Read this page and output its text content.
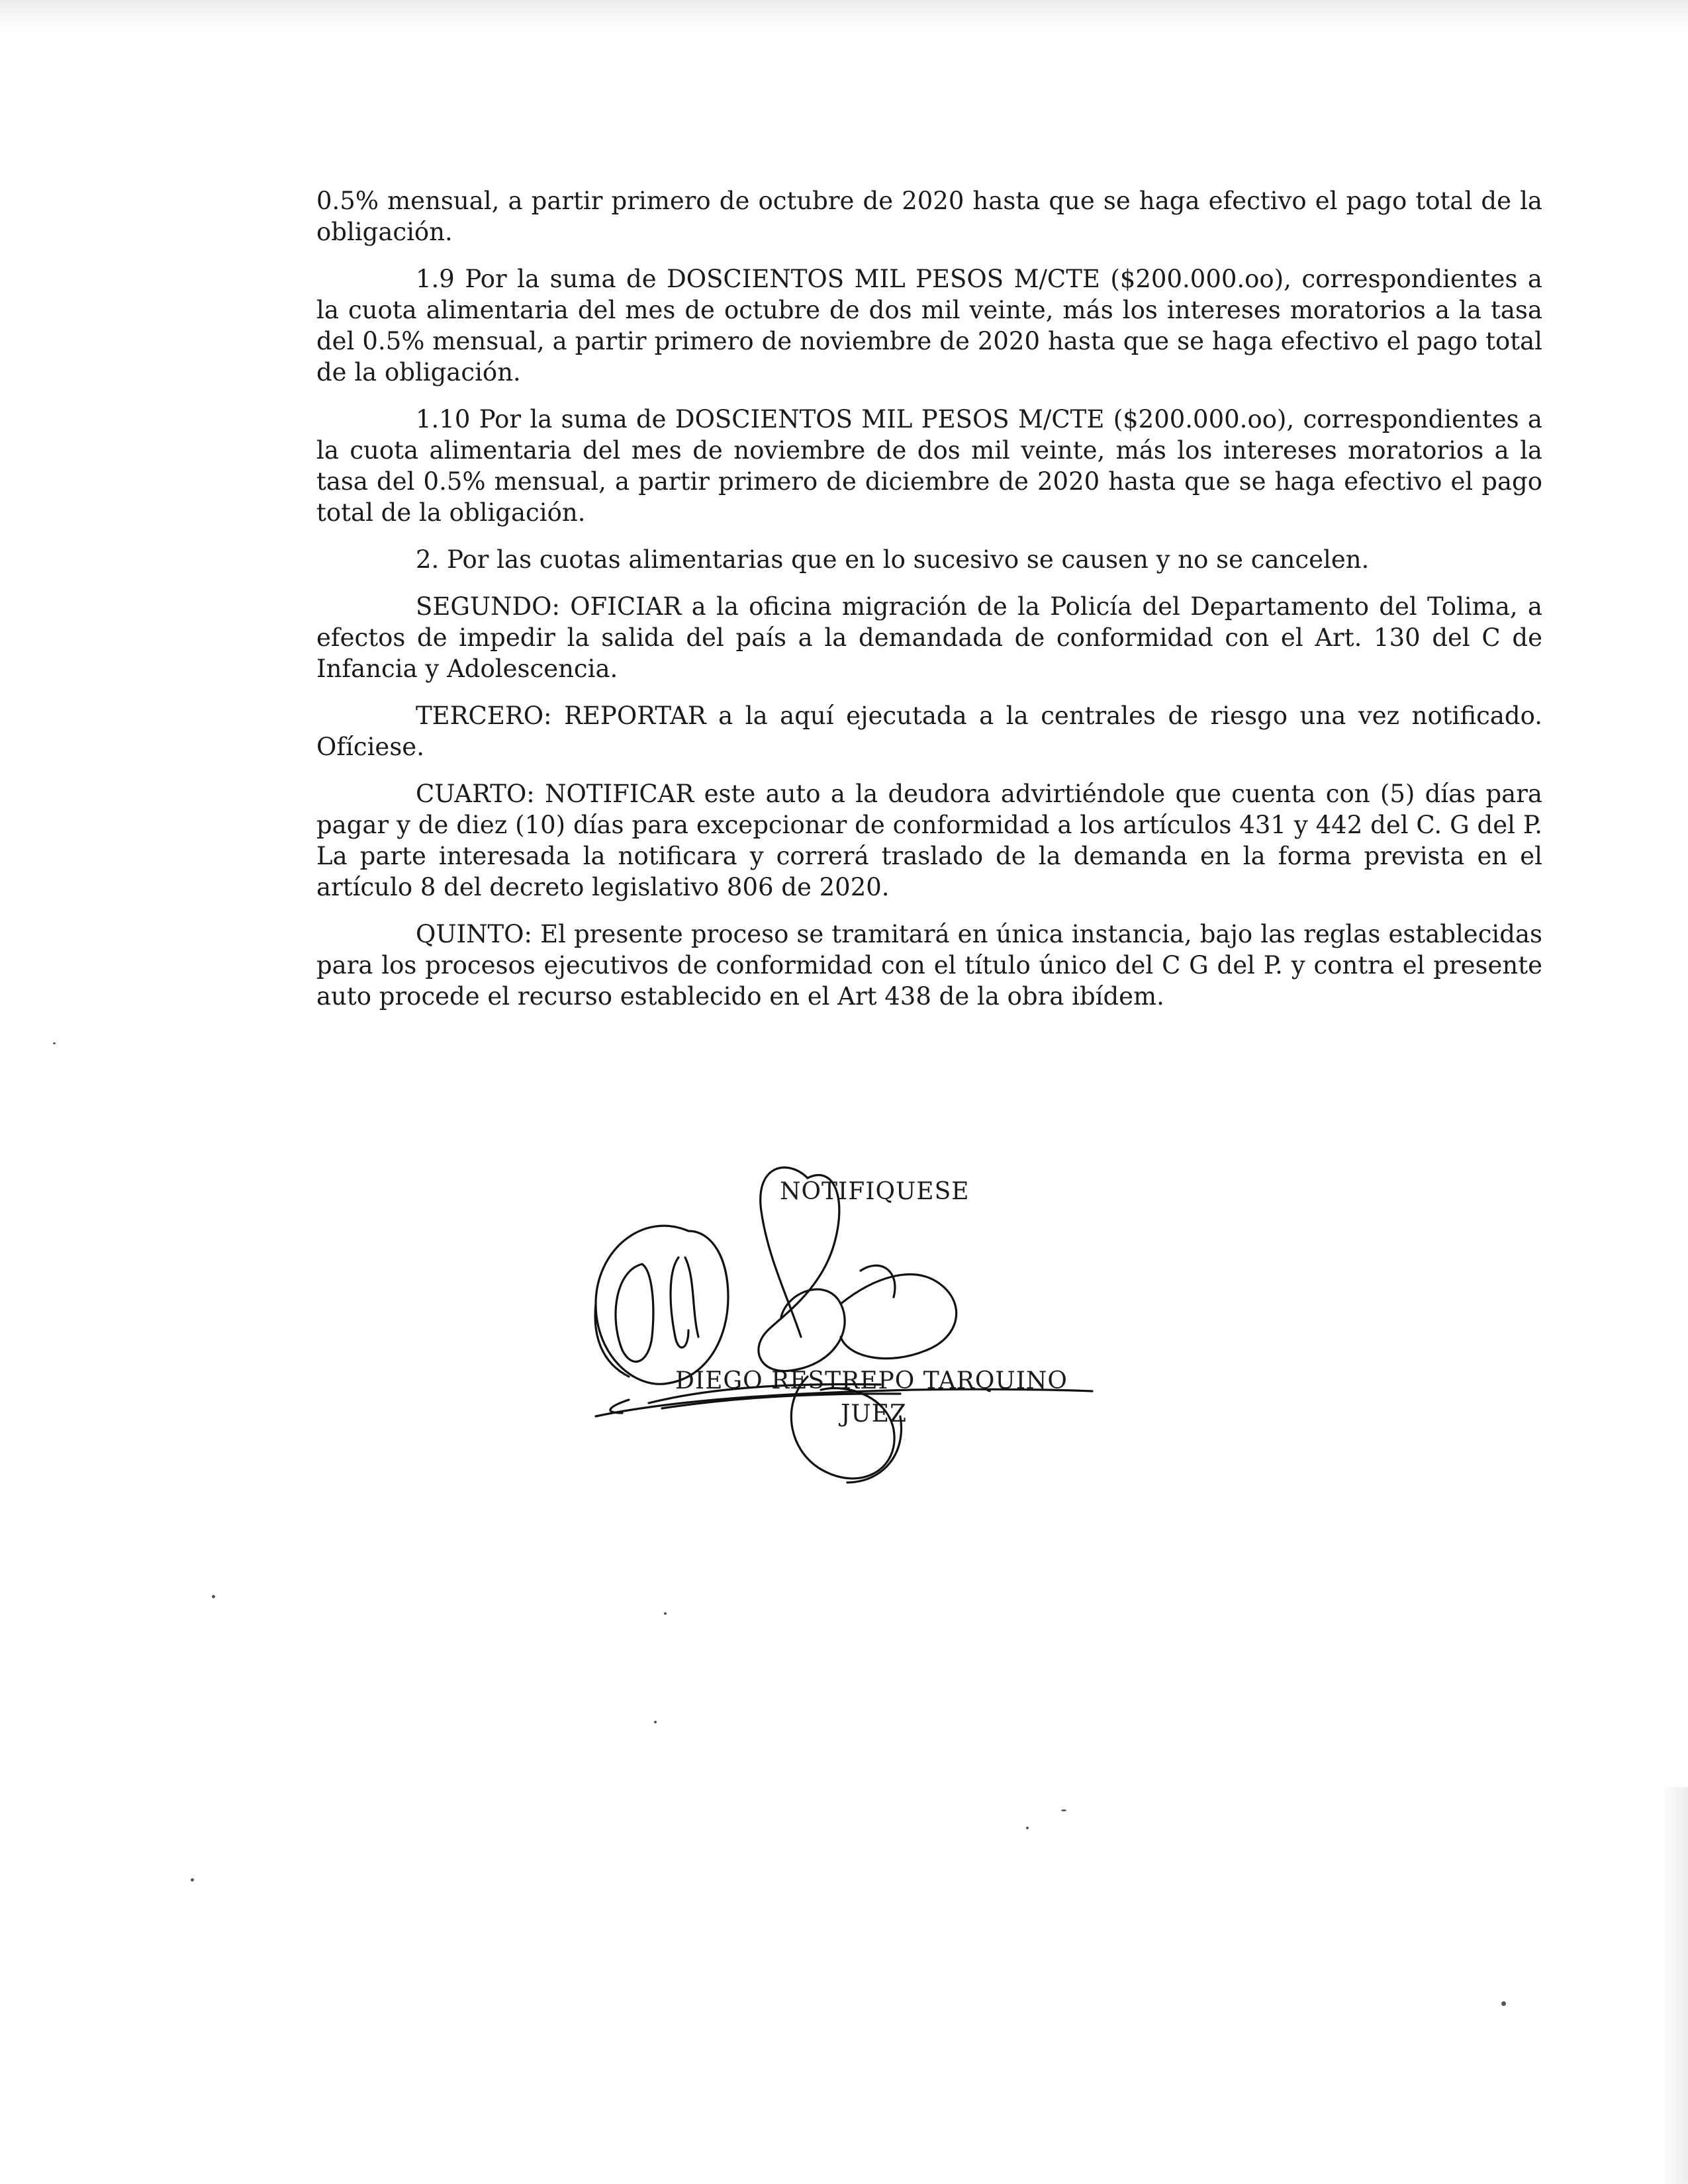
0.5% mensual, a partir primero de octubre de 2020 hasta que se haga efectivo el pago total de la obligación.

1.9 Por la suma de DOSCIENTOS MIL PESOS M/CTE ($200.000.oo), correspondientes a la cuota alimentaria del mes de octubre de dos mil veinte, más los intereses moratorios a la tasa del 0.5% mensual, a partir primero de noviembre de 2020 hasta que se haga efectivo el pago total de la obligación.

1.10 Por la suma de DOSCIENTOS MIL PESOS M/CTE ($200.000.oo), correspondientes a la cuota alimentaria del mes de noviembre de dos mil veinte, más los intereses moratorios a la tasa del 0.5% mensual, a partir primero de diciembre de 2020 hasta que se haga efectivo el pago total de la obligación.

2. Por las cuotas alimentarias que en lo sucesivo se causen y no se cancelen.

SEGUNDO: OFICIAR a la oficina migración de la Policía del Departamento del Tolima, a efectos de impedir la salida del país a la demandada de conformidad con el Art. 130 del C de Infancia y Adolescencia.

TERCERO: REPORTAR a la aquí ejecutada a la centrales de riesgo una vez notificado. Ofíciese.

CUARTO: NOTIFICAR este auto a la deudora advirtiéndole que cuenta con (5) días para pagar y de diez (10) días para excepcionar de conformidad a los artículos 431 y 442 del C. G del P. La parte interesada la notificara y correrá traslado de la demanda en la forma prevista en el artículo 8 del decreto legislativo 806 de 2020.

QUINTO: El presente proceso se tramitará en única instancia, bajo las reglas establecidas para los procesos ejecutivos de conformidad con el título único del C G del P. y contra el presente auto procede el recurso establecido en el Art 438 de la obra ibídem.

NOTIFIQUESE
DIEGO RESTREPO TARQUINO
JUEZ
